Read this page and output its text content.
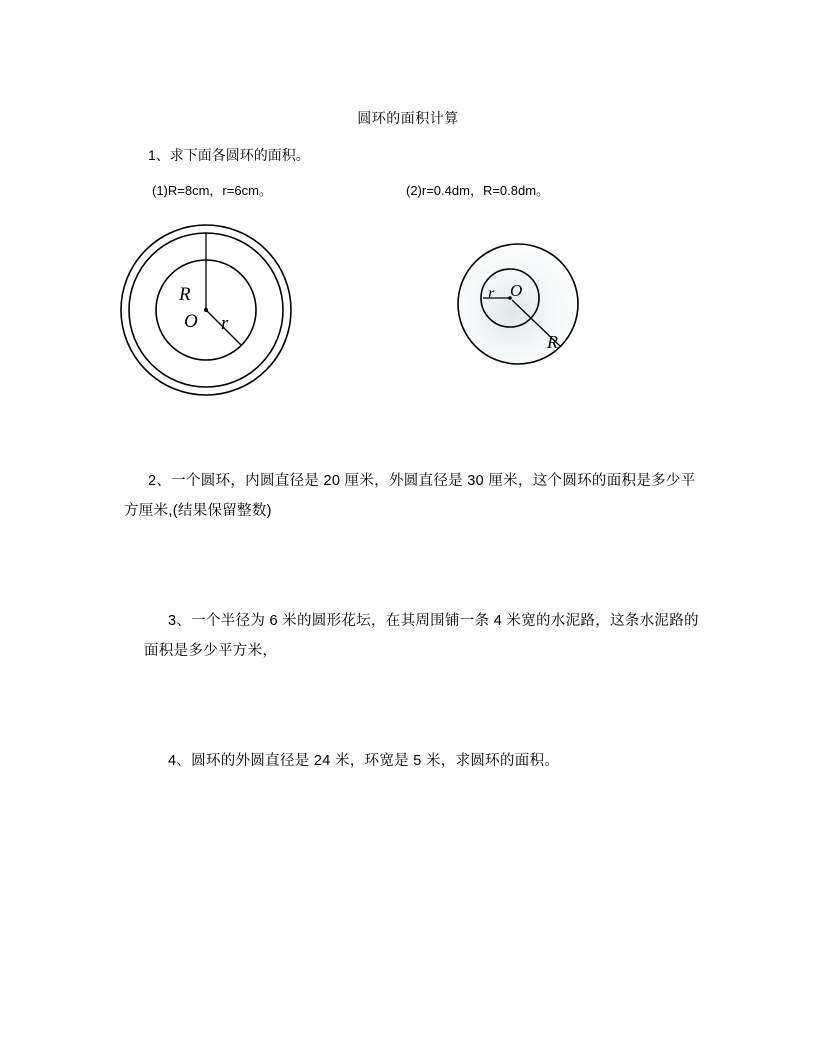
圆环的面积计算
1、求下面各圆环的面积。
(1)R=8cm，r=6cm。	(2)r=0.4dm，R=0.8dm。
R
O r
r O
R
2、一个圆环，内圆直径是 20 厘米，外圆直径是 30 厘米，这个圆环的面积是多少平方厘米,(结果保留整数)
3、一个半径为 6 米的圆形花坛，在其周围铺一条 4 米宽的水泥路，这条水泥路的面积是多少平方米，
4、圆环的外圆直径是 24 米，环宽是 5 米，求圆环的面积。
